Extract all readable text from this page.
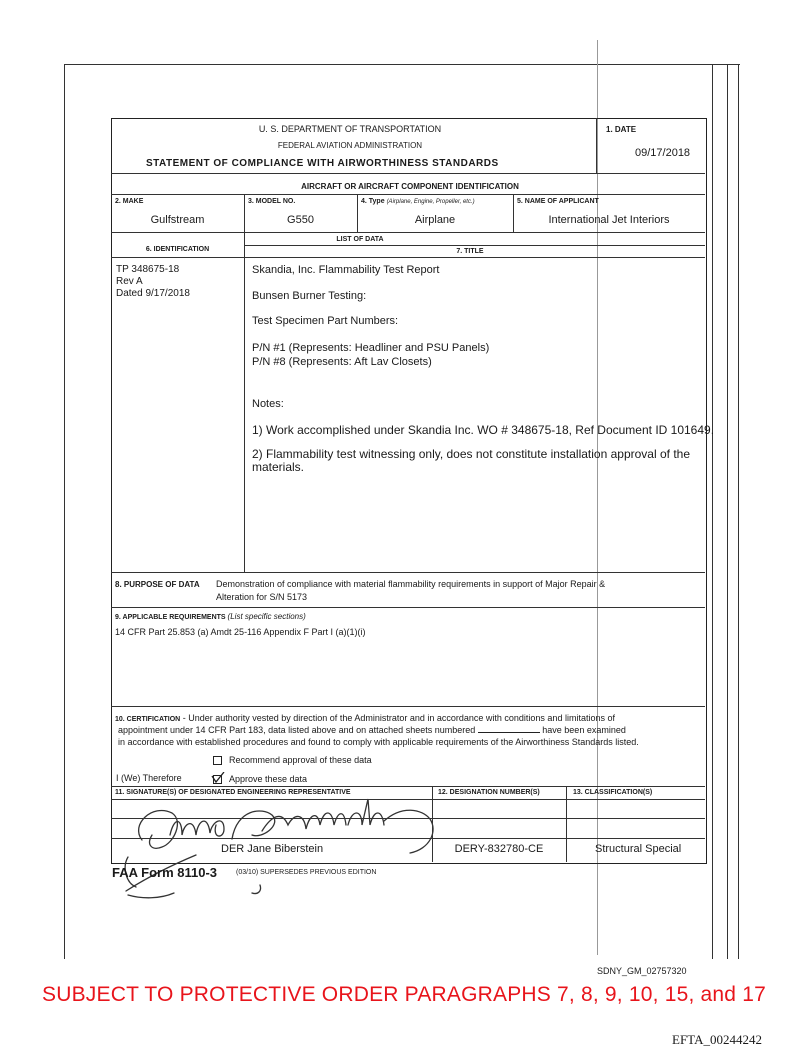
U. S. DEPARTMENT OF TRANSPORTATION
FEDERAL AVIATION ADMINISTRATION
STATEMENT OF COMPLIANCE WITH AIRWORTHINESS STANDARDS
1. DATE
09/17/2018
AIRCRAFT OR AIRCRAFT COMPONENT IDENTIFICATION
2. MAKE	3. MODEL NO.	4. Type (Airplane, Engine, Propeller, etc.)	5. NAME OF APPLICANT
Gulfstream	G550	Airplane	International Jet Interiors
LIST OF DATA
6. IDENTIFICATION	7. TITLE
TP 348675-18
Rev A
Dated 9/17/2018
Skandia, Inc. Flammability Test Report
Bunsen Burner Testing:
Test Specimen Part Numbers:
P/N #1 (Represents: Headliner and PSU Panels)
P/N #8 (Represents: Aft Lav Closets)
Notes:
1) Work accomplished under Skandia Inc. WO # 348675-18, Ref Document ID 101649.
2) Flammability test witnessing only, does not constitute installation approval of the
materials.
8. PURPOSE OF DATA Demonstration of compliance with material flammability requirements in support of Major Repair &
Alteration for S/N 5173
9. APPLICABLE REQUIREMENTS (List specific sections)
14 CFR Part 25.853 (a) Amdt 25-116 Appendix F Part I (a)(1)(i)
10. CERTIFICATION - Under authority vested by direction of the Administrator and in accordance with conditions and limitations of
appointment under 14 CFR Part 183, data listed above and on attached sheets numbered	have been examined
in accordance with established procedures and found to comply with applicable requirements of the Airworthiness Standards listed.
Recommend approval of these data
I (We) Therefore	Approve these data
11. SIGNATURE(S) OF DESIGNATED ENGINEERING REPRESENTATIVE	12. DESIGNATION NUMBER(S)	13. CLASSIFICATION(S)
DER Jane Biberstein	DERY-832780-CE	Structural Special
FAA Form 8110-3	(03/10) SUPERSEDES PREVIOUS EDITION
SDNY_GM_02757320
SUBJECT TO PROTECTIVE ORDER PARAGRAPHS 7, 8, 9, 10, 15, and 17
EFTA_00244242
